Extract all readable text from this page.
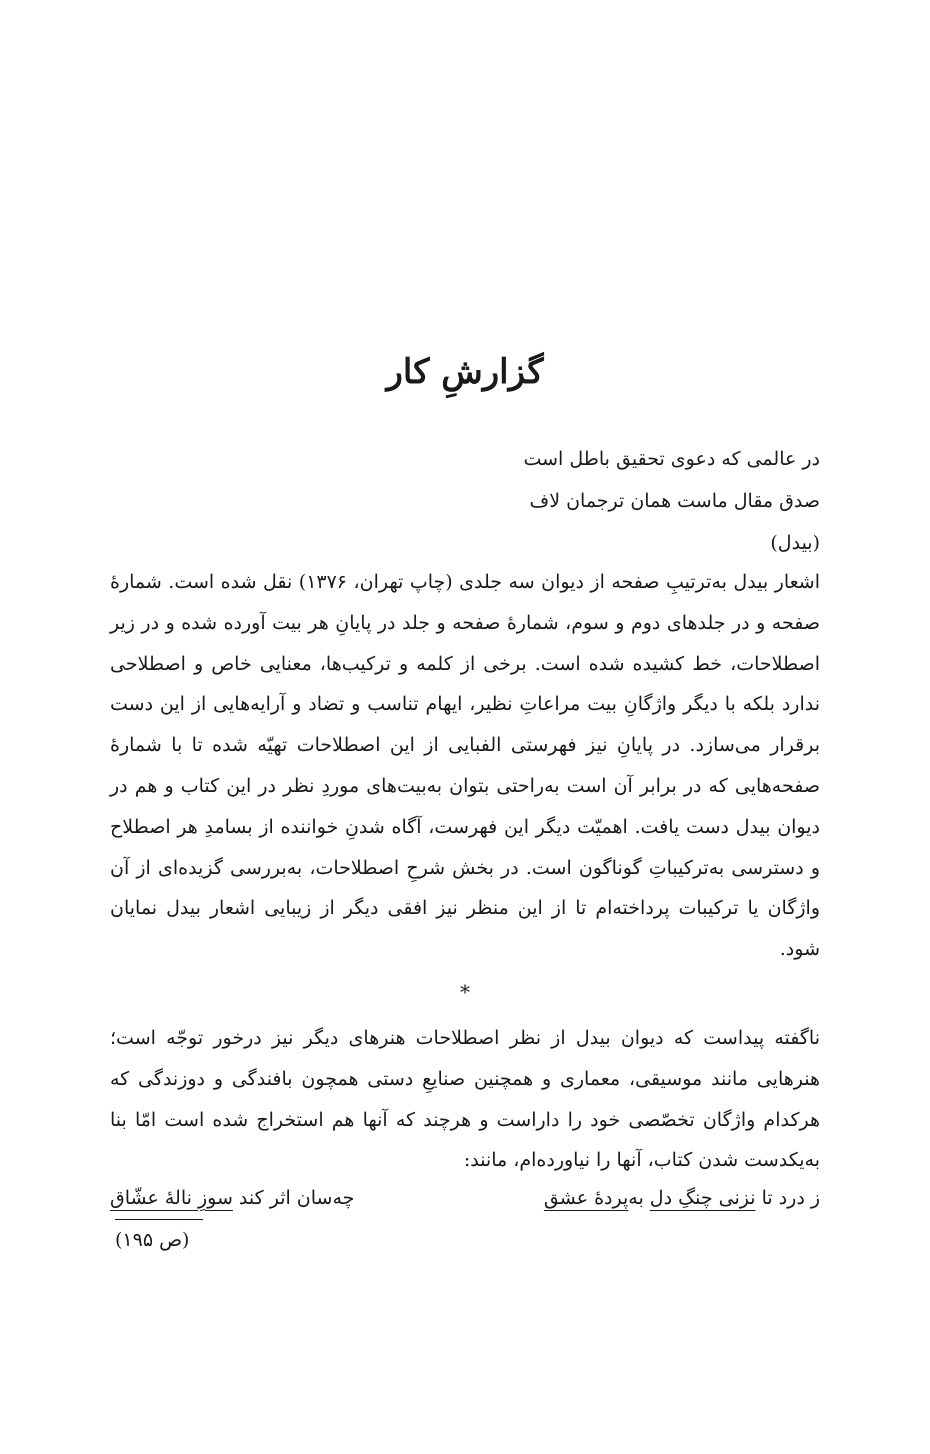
گزارشِ کار
در عالمی که دعوی تحقیق باطل است
صدق مقال ماست همان ترجمان لاف
(بیدل)

اشعار بیدل به‌ترتیبِ صفحه از دیوان سه جلدی (چاپ تهران، ۱۳۷۶) نقل شده است. شمارهٔ صفحه و در جلدهای دوم و سوم، شمارهٔ صفحه و جلد در پایانِ هر بیت آورده شده و در زیر اصطلاحات، خط کشیده شده است. برخی از کلمه و ترکیب‌ها، معنایی خاص و اصطلاحی ندارد بلکه با دیگر واژگانِ بیت مراعاتِ نظیر، ایهام تناسب و تضاد و آرایه‌هایی از این دست برقرار می‌سازد. در پایانِ نیز فهرستی الفبایی از این اصطلاحات تهیّه شده تا با شمارهٔ صفحه‌هایی که در برابر آن است به‌راحتی بتوان به‌بیت‌های موردِ نظر در این کتاب و هم در دیوان بیدل دست یافت. اهمیّت دیگر این فهرست، آگاه شدنِ خواننده از بسامدِ هر اصطلاح و دسترسی به‌ترکیباتِ گوناگون است. در بخش شرحِ اصطلاحات، به‌بررسی گزیده‌ای از آن واژگان یا ترکیبات پرداخته‌ام تا از این منظر نیز افقی دیگر از زیبایی اشعار بیدل نمایان شود.

*

ناگفته پیداست که دیوان بیدل از نظر اصطلاحات هنرهای دیگر نیز درخور توجّه است؛ هنرهایی مانند موسیقی، معماری و همچنین صنایعِ دستی همچون بافندگی و دوزندگی که هرکدام واژگان تخصّصی خود را داراست و هرچند که آنها هم استخراج شده است امّا بنا به‌یکدست شدن کتاب، آنها را نیاورده‌ام، مانند:

ز درد تا نزنی چنگِ دل به‌پردهٔ عشق
چه‌سان اثر کند سوزِ نالهٔ عشّاق
(ص ۱۹۵)
